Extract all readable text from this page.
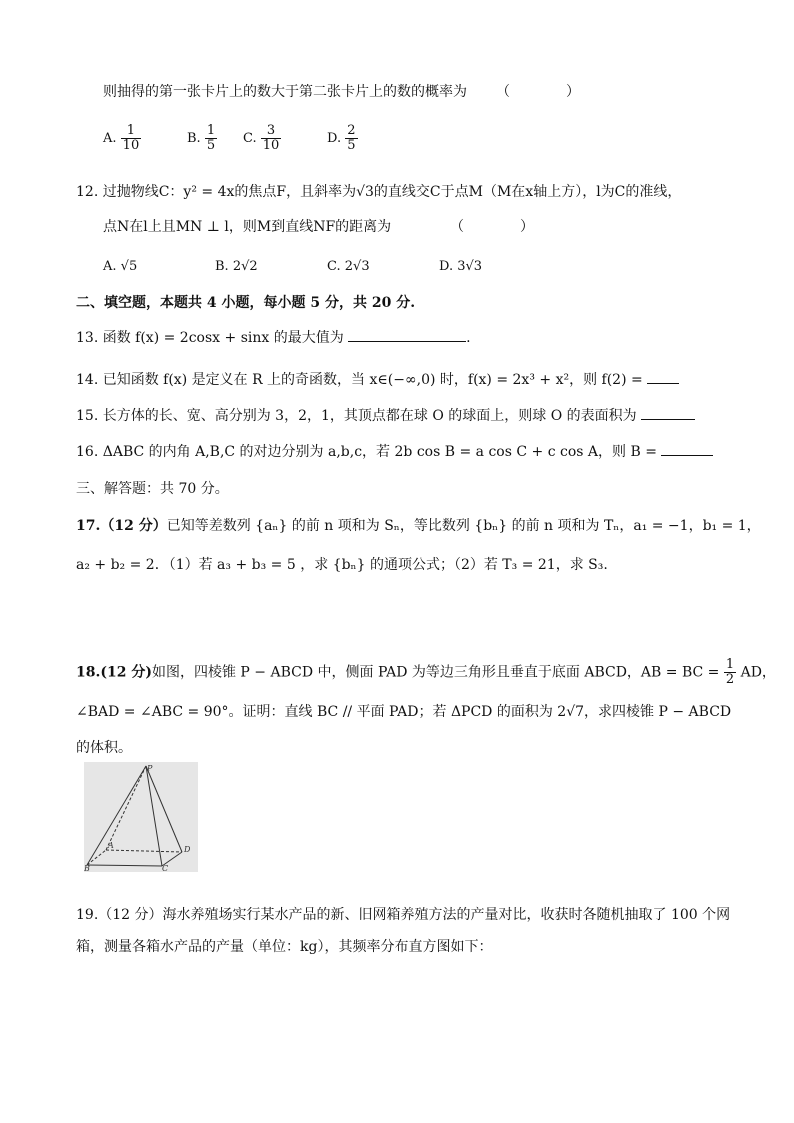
则抽得的第一张卡片上的数大于第二张卡片上的数的概率为 （　　　　）
A. $\frac{1}{10}$	B. $\frac{1}{5} C$. $\frac{3}{10}$	D. $\frac{2}{5}$
12. 过抛物线C：y² = 4x的焦点F，且斜率为√3的直线交C于点M（M在x轴上方），l为C的准线，
点N在l上且MN ⊥ l，则M到直线NF的距离为	（　　　　）
A. √5	B. 2√2	C. 2√3	D. 3√3
二、填空题，本题共 4 小题，每小题 5 分，共 20 分.
13. 函数 f(x) = 2cosx + sinx 的最大值为	.
14. 已知函数 f(x) 是定义在 R 上的奇函数，当 x∈(−∞,0) 时，f(x) = 2x³ + x²，则 f(2) =
15. 长方体的长、宽、高分别为 3，2，1，其顶点都在球 O 的球面上，则球 O 的表面积为
16. ΔABC 的内角 A,B,C 的对边分别为 a,b,c，若 2b cos B = a cos C + c cos A，则 B =
三、解答题：共 70 分。
17.（12 分）已知等差数列 {aₙ} 的前 n 项和为 Sₙ，等比数列 {bₙ} 的前 n 项和为 Tₙ，a₁ = −1，b₁ = 1，
a₂ + b₂ = 2．（1）若 a₃ + b₃ = 5 ，求 {bₙ} 的通项公式；（2）若 T₃ = 21，求 S₃.
18.(12 分)如图，四棱锥 P − ABCD 中，侧面 PAD 为等边三角形且垂直于底面 ABCD，AB = BC = $\frac{1}{2}$ AD，
∠BAD = ∠ABC = 90°。证明：直线 BC // 平面 PAD；若 ΔPCD 的面积为 2√7，求四棱锥 P − ABCD
的体积。
P
A
B	C
D
19.（12 分）海水养殖场实行某水产品的新、旧网箱养殖方法的产量对比，收获时各随机抽取了 100 个网
箱，测量各箱水产品的产量（单位：kg），其频率分布直方图如下：
